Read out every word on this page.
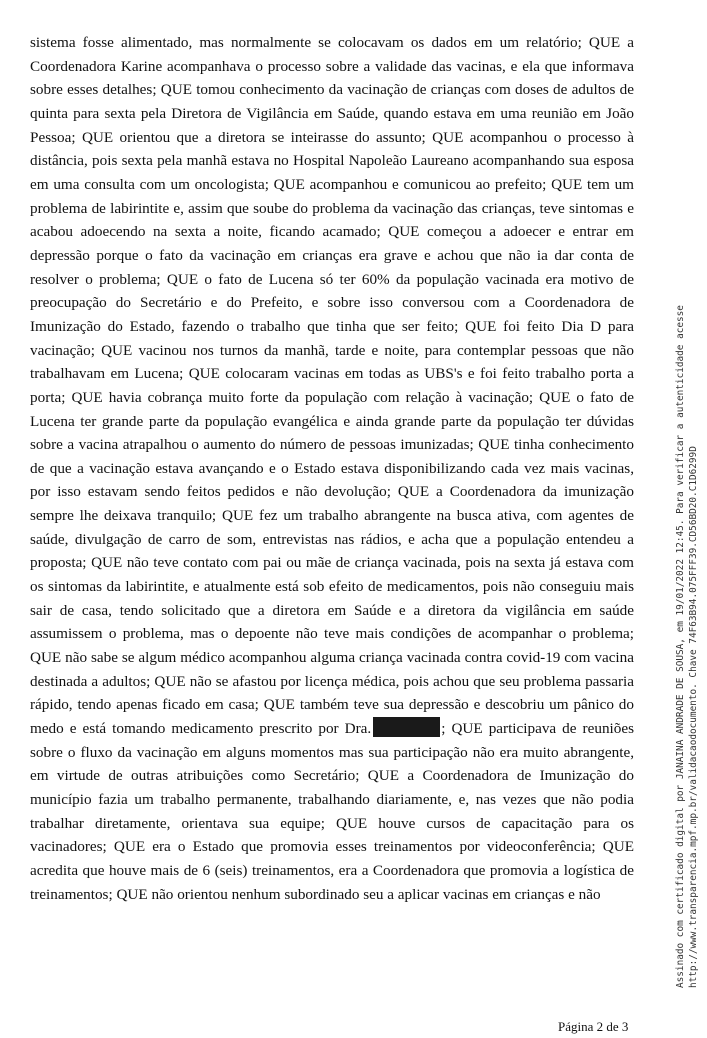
sistema fosse alimentado, mas normalmente se colocavam os dados em um relatório; QUE a Coordenadora Karine acompanhava o processo sobre a validade das vacinas, e ela que informava sobre esses detalhes; QUE tomou conhecimento da vacinação de crianças com doses de adultos de quinta para sexta pela Diretora de Vigilância em Saúde, quando estava em uma reunião em João Pessoa; QUE orientou que a diretora se inteirasse do assunto; QUE acompanhou o processo à distância, pois sexta pela manhã estava no Hospital Napoleão Laureano acompanhando sua esposa em uma consulta com um oncologista; QUE acompanhou e comunicou ao prefeito; QUE tem um problema de labirintite e, assim que soube do problema da vacinação das crianças, teve sintomas e acabou adoecendo na sexta a noite, ficando acamado; QUE começou a adoecer e entrar em depressão porque o fato da vacinação em crianças era grave e achou que não ia dar conta de resolver o problema; QUE o fato de Lucena só ter 60% da população vacinada era motivo de preocupação do Secretário e do Prefeito, e sobre isso conversou com a Coordenadora de Imunização do Estado, fazendo o trabalho que tinha que ser feito; QUE foi feito Dia D para vacinação; QUE vacinou nos turnos da manhã, tarde e noite, para contemplar pessoas que não trabalhavam em Lucena; QUE colocaram vacinas em todas as UBS's e foi feito trabalho porta a porta; QUE havia cobrança muito forte da população com relação à vacinação; QUE o fato de Lucena ter grande parte da população evangélica e ainda grande parte da população ter dúvidas sobre a vacina atrapalhou o aumento do número de pessoas imunizadas; QUE tinha conhecimento de que a vacinação estava avançando e o Estado estava disponibilizando cada vez mais vacinas, por isso estavam sendo feitos pedidos e não devolução; QUE a Coordenadora da imunização sempre lhe deixava tranquilo; QUE fez um trabalho abrangente na busca ativa, com agentes de saúde, divulgação de carro de som, entrevistas nas rádios, e acha que a população entendeu a proposta; QUE não teve contato com pai ou mãe de criança vacinada, pois na sexta já estava com os sintomas da labirintite, e atualmente está sob efeito de medicamentos, pois não conseguiu mais sair de casa, tendo solicitado que a diretora em Saúde e a diretora da vigilância em saúde assumissem o problema, mas o depoente não teve mais condições de acompanhar o problema; QUE não sabe se algum médico acompanhou alguma criança vacinada contra covid-19 com vacina destinada a adultos; QUE não se afastou por licença médica, pois achou que seu problema passaria rápido, tendo apenas ficado em casa; QUE também teve sua depressão e descobriu um pânico do medo e está tomando medicamento prescrito por Dra.	; QUE participava de reuniões sobre o fluxo da vacinação em alguns momentos mas sua participação não era muito abrangente, em virtude de outras atribuições como Secretário; QUE a Coordenadora de Imunização do município fazia um trabalho permanente, trabalhando diariamente, e, nas vezes que não podia trabalhar diretamente, orientava sua equipe; QUE houve cursos de capacitação para os vacinadores; QUE era o Estado que promovia esses treinamentos por videoconferência; QUE acredita que houve mais de 6 (seis) treinamentos, era a Coordenadora que promovia a logística de treinamentos; QUE não orientou nenhum subordinado seu a aplicar vacinas em crianças e não	Assinado com certificado digital por JANAINA ANDRADE DE SOUSA, em 19/01/2022 12:45. Para verificar a autenticidade acesse http://www.transparencia.mpf.mp.br/validacaodocumento. Chave 74F63B94.075FFF39.CD56BD20.C1D6299D
Página 2 de 3
